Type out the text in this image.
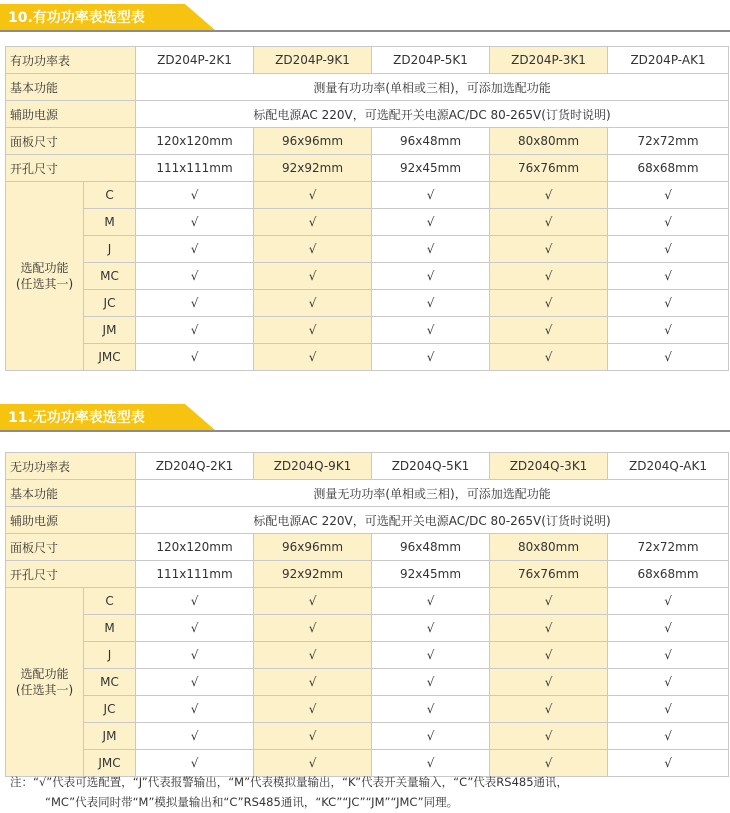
10.有功功率表选型表
有功功率表		ZD204P-2K1	ZD204P-9K1	ZD204P-5K1	ZD204P-3K1	ZD204P-AK1
基本功能		测量有功功率(单相或三相)，可添加选配功能				
辅助电源		标配电源AC 220V，可选配开关电源AC/DC 80-265V(订货时说明)				
面板尺寸		120x120mm	96x96mm	96x48mm	80x80mm	72x72mm
开孔尺寸		111x111mm	92x92mm	92x45mm	76x76mm	68x68mm

选配功能
(任选其一)	C	√	√	√	√	√
	M	√	√	√	√	√
	J	√	√	√	√	√
	MC	√	√	√	√	√
	JC	√	√	√	√	√
	JM	√	√	√	√	√
	JMC	√	√	√	√	√
11.无功功率表选型表
无功功率表		ZD204Q-2K1	ZD204Q-9K1	ZD204Q-5K1	ZD204Q-3K1	ZD204Q-AK1
基本功能		测量无功功率(单相或三相)，可添加选配功能				
辅助电源		标配电源AC 220V，可选配开关电源AC/DC 80-265V(订货时说明)				
面板尺寸		120x120mm	96x96mm	96x48mm	80x80mm	72x72mm
开孔尺寸		111x111mm	92x92mm	92x45mm	76x76mm	68x68mm

选配功能
(任选其一)	C	√	√	√	√	√
	M	√	√	√	√	√
	J	√	√	√	√	√
	MC	√	√	√	√	√
	JC	√	√	√	√	√
	JM	√	√	√	√	√
	JMC	√	√	√	√	√
注：“√”代表可选配置，“J”代表报警输出，“M”代表模拟量输出，“K”代表开关量输入，“C”代表RS485通讯，
“MC”代表同时带“M”模拟量输出和“C”RS485通讯，“KC”“JC”“JM”“JMC”同理。
